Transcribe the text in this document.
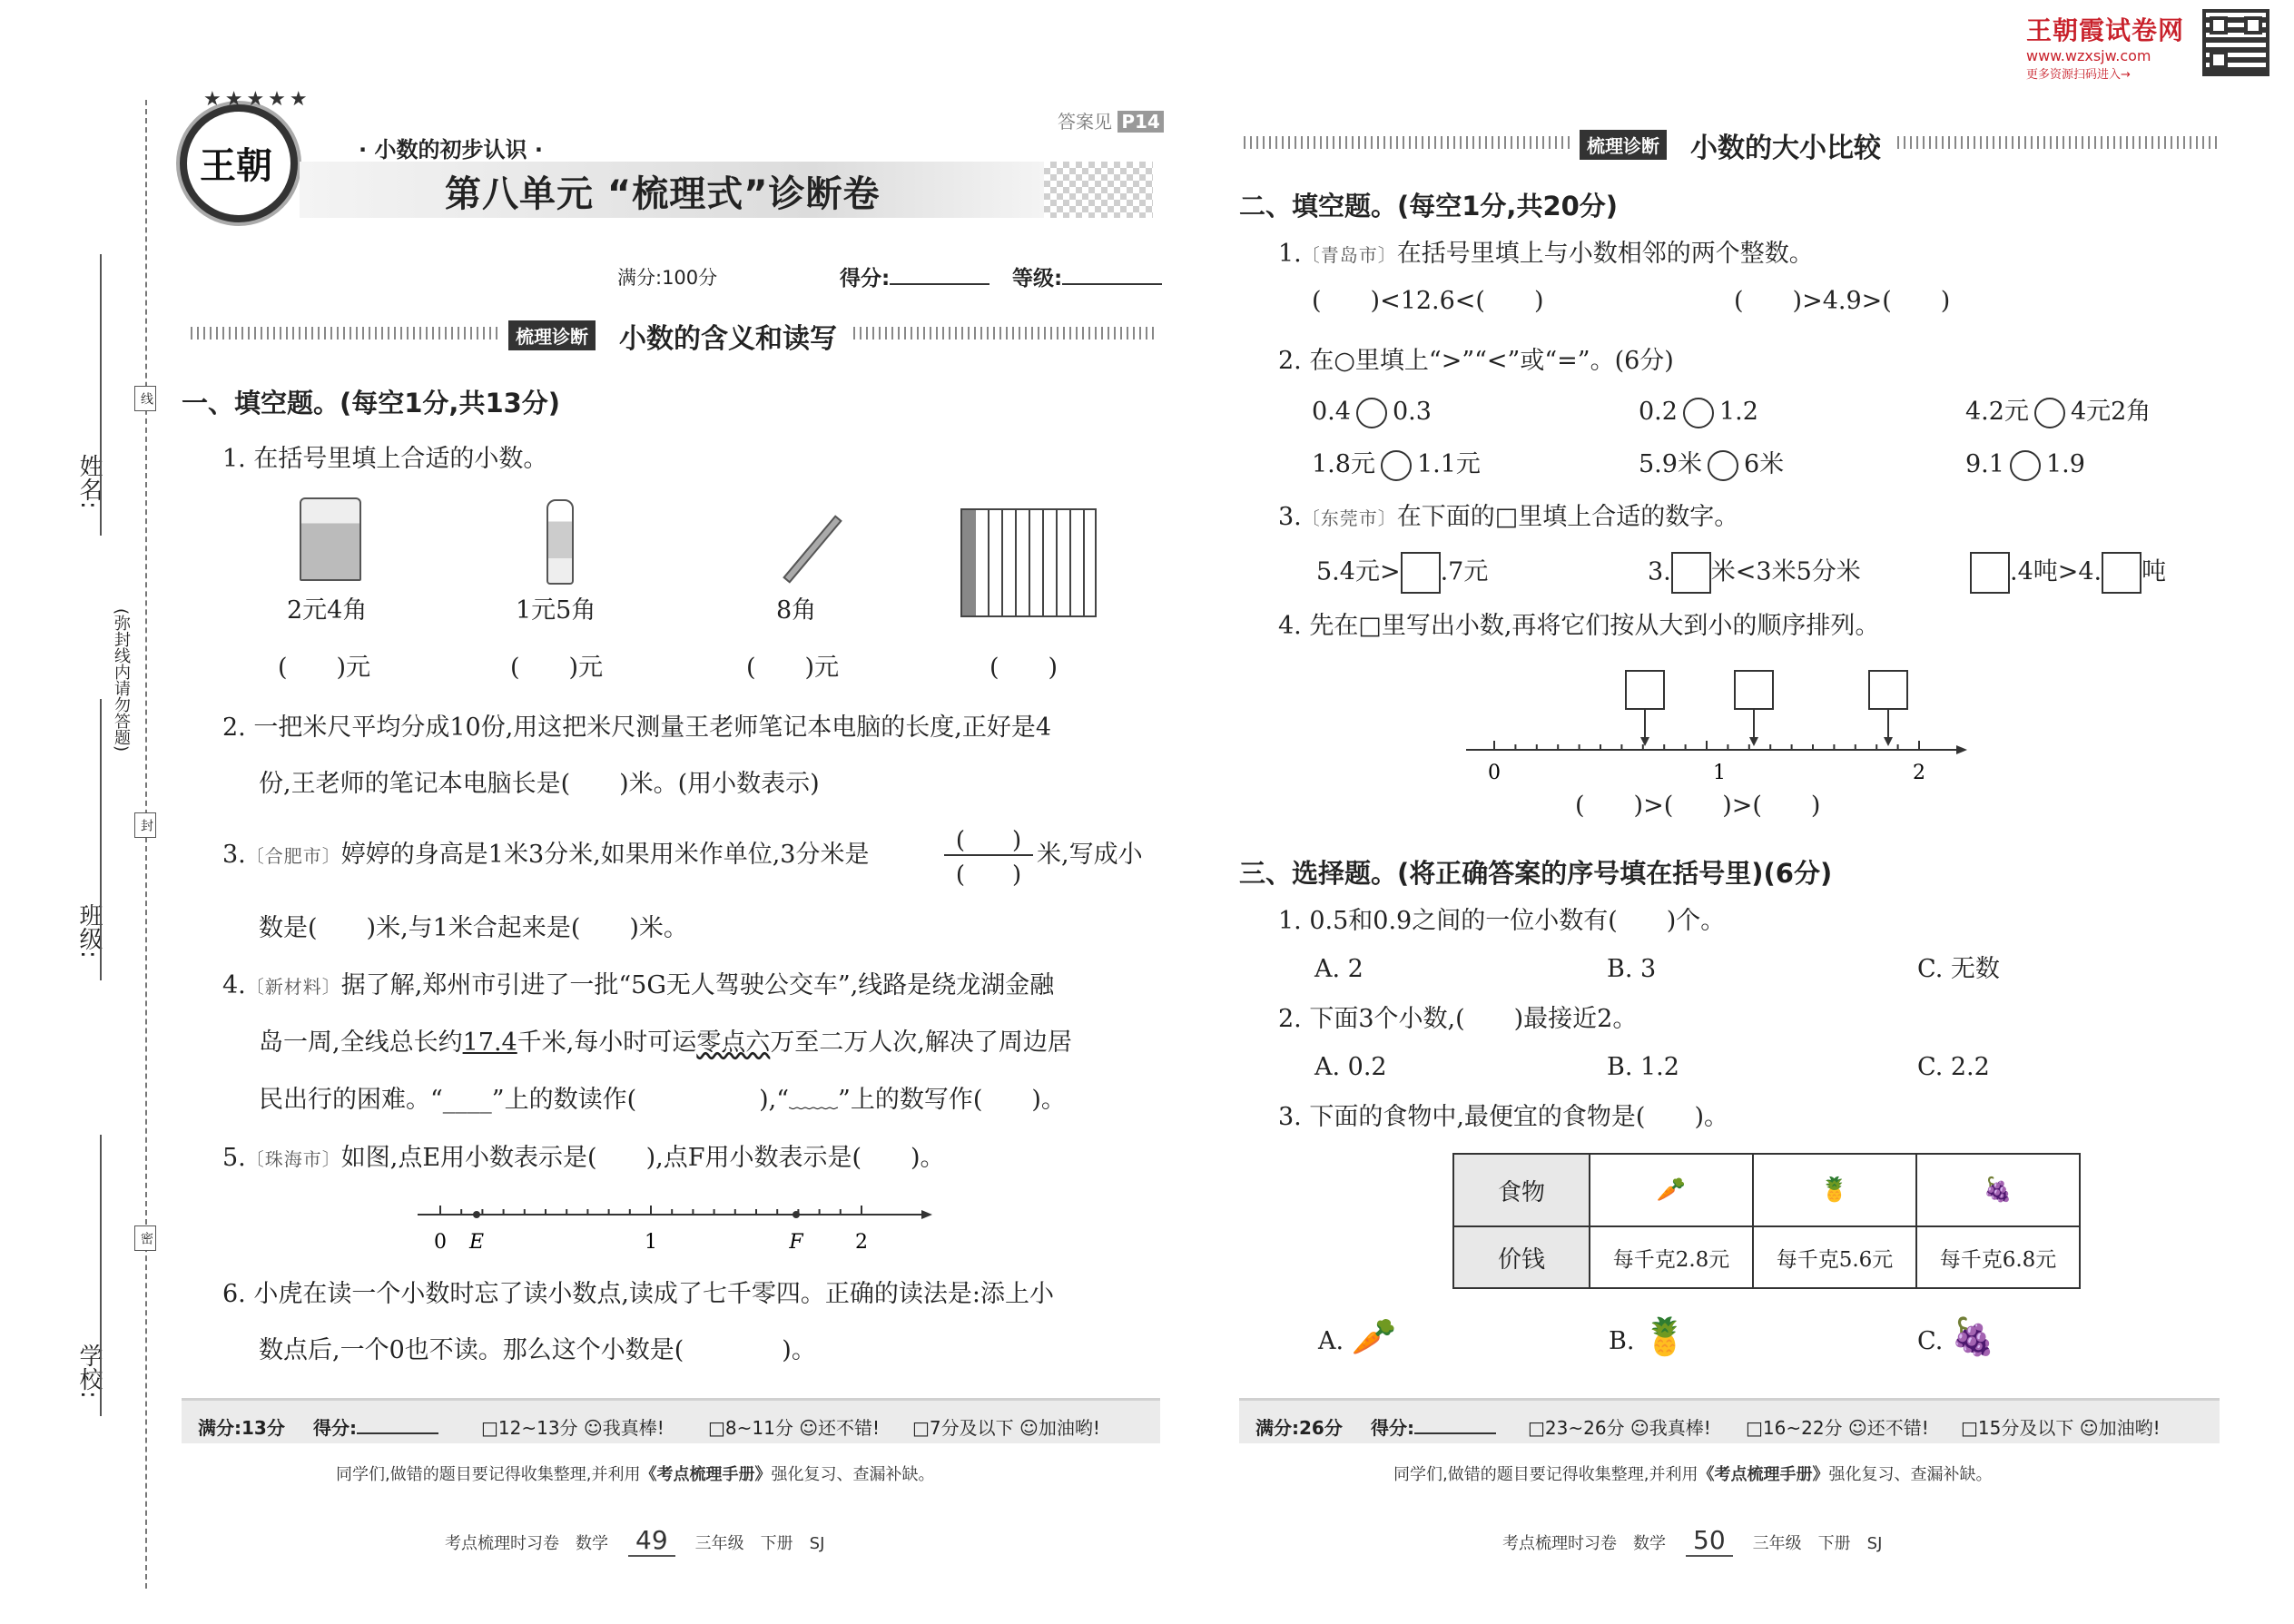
王朝霞试卷网
www.wzxsjw.com
更多资源扫码进入→
姓名:
班级:
学校:
(弥封线内请勿答题)
线
封
密
王朝
★★★★★
· 小数的初步认识 ·
第八单元 “梳理式”诊断卷
答案见 P14
满分:100分	得分:	等级:
梳理诊断 小数的含义和读写
一、填空题。(每空1分,共13分)
1. 在括号里填上合适的小数。
2元4角	1元5角	8角
(　　)元	(　　)元	(　　)元	(　　)
2. 一把米尺平均分成10份,用这把米尺测量王老师笔记本电脑的长度,正好是4
份,王老师的笔记本电脑长是(　　)米。(用小数表示)
3.〔合肥市〕婷婷的身高是1米3分米,如果用米作单位,3分米是	(　　)
(　　)
米,写成小
数是(　　)米,与1米合起来是(　　)米。
4.〔新材料〕据了解,郑州市引进了一批“5G无人驾驶公交车”,线路是绕龙湖金融
岛一周,全线总长约17.4千米,每小时可运零点六万至二万人次,解决了周边居
民出行的困难。“____”上的数读作(　　　　　),“﹏﹏”上的数写作(　　)。
5.〔珠海市〕如图,点E用小数表示是(　　),点F用小数表示是(　　)。
0 E	1	F	2
6. 小虎在读一个小数时忘了读小数点,读成了七千零四。正确的读法是:添上小
数点后,一个0也不读。那么这个小数是(　　　　)。
满分:13分 得分:	□12~13分 ☺我真棒! □8~11分 ☺还不错! □7分及以下 ☺加油哟!
同学们,做错的题目要记得收集整理,并利用《考点梳理手册》强化复习、查漏补缺。
考点梳理时习卷　数学 49 三年级　下册　SJ
梳理诊断 小数的大小比较
二、填空题。(每空1分,共20分)
1.〔青岛市〕在括号里填上与小数相邻的两个整数。
(　　)<12.6<(　　)	(　　)>4.9>(　　)
2. 在○里填上“>”“<”或“=”。(6分)
0.4 0.3	0.2 1.2	4.2元 4元2角
1.8元 1.1元	5.9米 6米	9.1 1.9
3.〔东莞市〕在下面的□里填上合适的数字。
5.4元> .7元	3. 米<3米5分米	.4吨>4. 吨
4. 先在□里写出小数,再将它们按从大到小的顺序排列。
0	1	2
(　　)>(　　)>(　　)
三、选择题。(将正确答案的序号填在括号里)(6分)
1. 0.5和0.9之间的一位小数有(　　)个。
A. 2	B. 3	C. 无数
2. 下面3个小数,(　　)最接近2。
A. 0.2	B. 1.2	C. 2.2
3. 下面的食物中,最便宜的食物是(　　)。
食物	🥕	🍍	🍇
价钱	每千克2.8元	每千克5.6元	每千克6.8元
A. 🥕	B. 🍍	C. 🍇
满分:26分 得分:	□23~26分 ☺我真棒! □16~22分 ☺还不错! □15分及以下 ☺加油哟!
同学们,做错的题目要记得收集整理,并利用《考点梳理手册》强化复习、查漏补缺。
考点梳理时习卷　数学 50 三年级　下册　SJ
